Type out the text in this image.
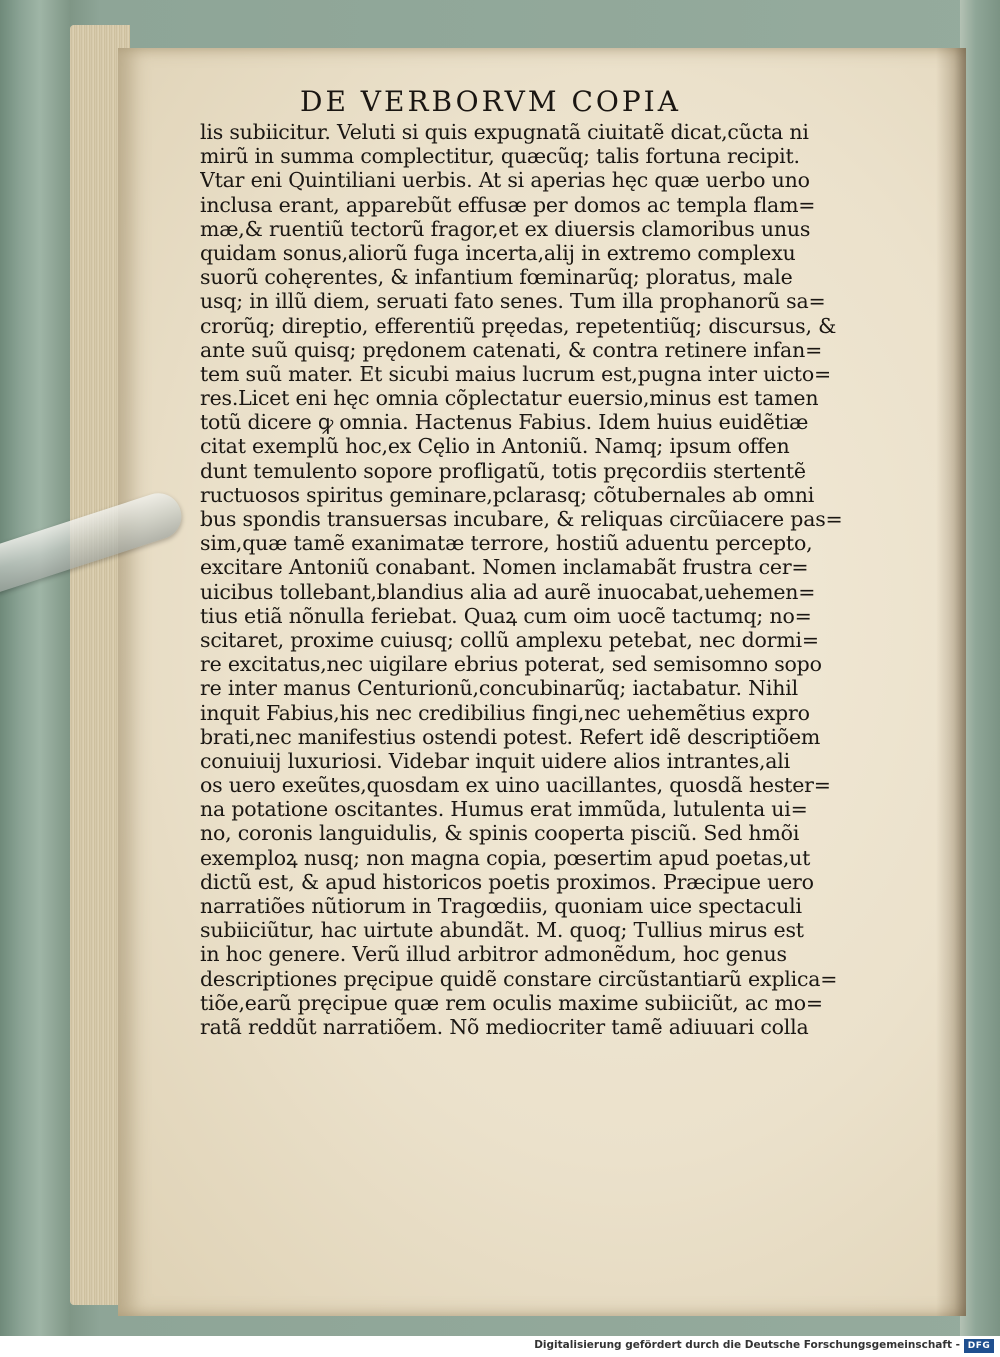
DE VERBORVM COPIA
lis subiicitur. Veluti si quis expugnatã ciuitatẽ dicat,cũcta ni
mirũ in summa complectitur, quæcũq; talis fortuna recipit.
Vtar eni Quintiliani uerbis. At si aperias hęc quæ uerbo uno
inclusa erant, apparebũt effusæ per domos ac templa flam=
mæ,& ruentiũ tectorũ fragor,et ex diuersis clamoribus unus
quidam sonus,aliorũ fuga incerta,alij in extremo complexu
suorũ cohęrentes, & infantium fœminarũq; ploratus, male
usq; in illũ diem, seruati fato senes. Tum illa prophanorũ sa=
crorũq; direptio, efferentiũ pręedas, repetentiũq; discursus, &
ante suũ quisq; prędonem catenati, & contra retinere infan=
tem suũ mater. Et sicubi maius lucrum est,pugna inter uicto=
res.Licet eni hęc omnia cõplectatur euersio,minus est tamen
totũ dicere ꝙ omnia. Hactenus Fabius. Idem huius euidẽtiæ
citat exemplũ hoc,ex Cęlio in Antoniũ. Namq; ipsum offen
dunt temulento sopore profligatũ, totis pręcordiis stertentẽ
ructuosos spiritus geminare,pclarasq; cõtubernales ab omni
bus spondis transuersas incubare, & reliquas circũiacere pas=
sim,quæ tamẽ exanimatæ terrore, hostiũ aduentu percepto,
excitare Antoniũ conabant. Nomen inclamabãt frustra cer=
uicibus tollebant,blandius alia ad aurẽ inuocabat,uehemen=
tius etiã nõnulla feriebat. Quaꝝ cum oim uocẽ tactumq; no=
scitaret, proxime cuiusq; collũ amplexu petebat, nec dormi=
re excitatus,nec uigilare ebrius poterat, sed semisomno sopo
re inter manus Centurionũ,concubinarũq; iactabatur. Nihil
inquit Fabius,his nec credibilius fingi,nec uehemẽtius expro
brati,nec manifestius ostendi potest. Refert idẽ descriptiõem
conuiuij luxuriosi. Videbar inquit uidere alios intrantes,ali
os uero exeũtes,quosdam ex uino uacillantes, quosdã hester=
na potatione oscitantes. Humus erat immũda, lutulenta ui=
no, coronis languidulis, & spinis cooperta pisciũ. Sed hmõi
exemploꝝ nusq; non magna copia, pœsertim apud poetas,ut
dictũ est, & apud historicos poetis proximos. Præcipue uero
narratiões nũtiorum in Tragœdiis, quoniam uice spectaculi
subiiciũtur, hac uirtute abundãt. M. quoq; Tullius mirus est
in hoc genere. Verũ illud arbitror admonẽdum, hoc genus
descriptiones pręcipue quidẽ constare circũstantiarũ explica=
tiõe,earũ pręcipue quæ rem oculis maxime subiiciũt, ac mo=
ratã reddũt narratiõem. Nõ mediocriter tamẽ adiuuari colla
Digitalisierung gefördert durch die Deutsche Forschungsgemeinschaft - DFG
